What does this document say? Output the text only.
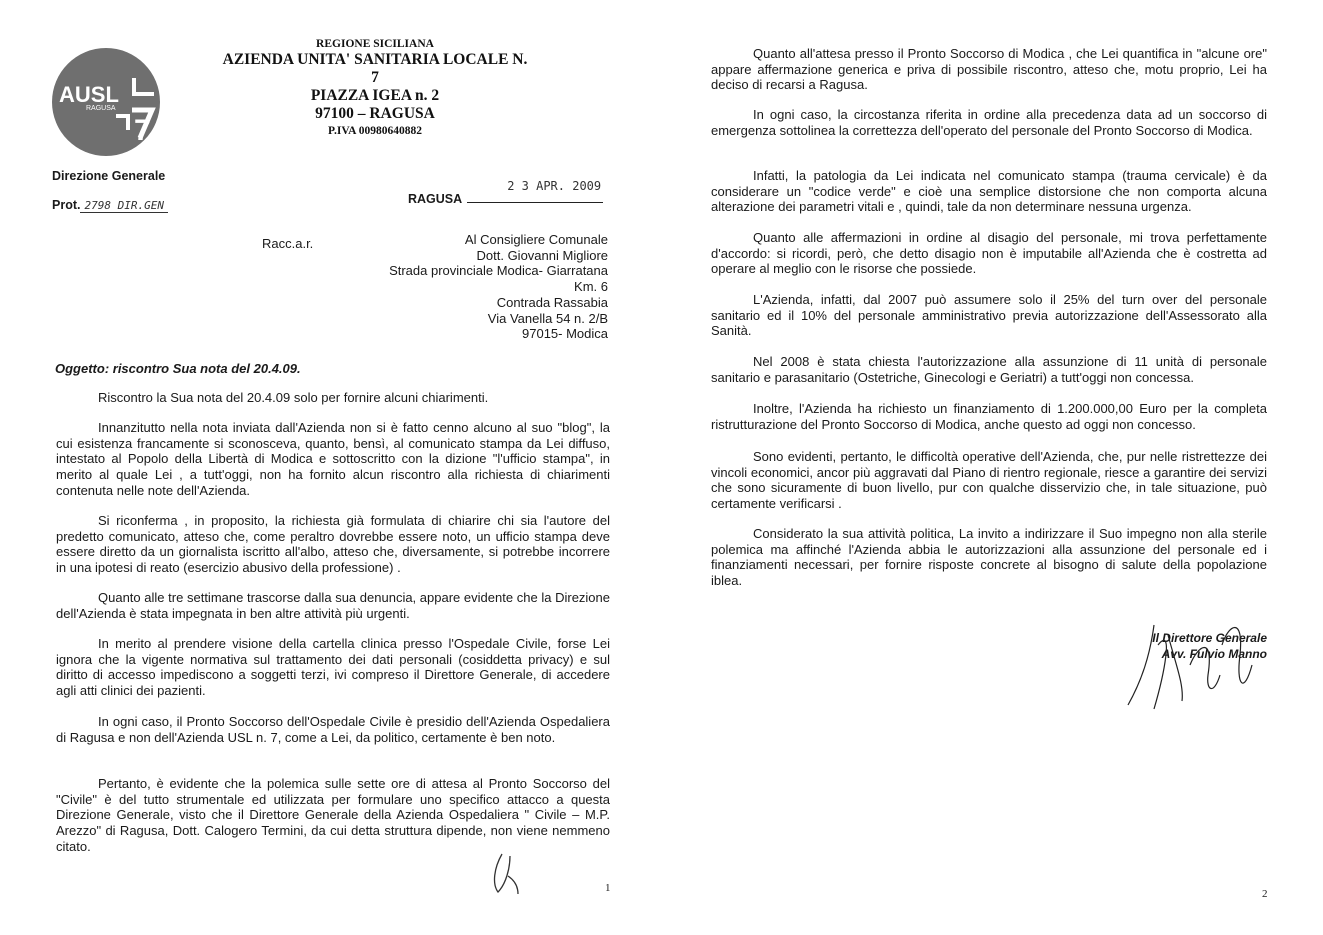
7
AUSL
RAGUSA
REGIONE SICILIANA
AZIENDA UNITA' SANITARIA LOCALE N. 7
PIAZZA IGEA n. 2
97100 – RAGUSA
P.IVA 00980640882
Direzione Generale
Prot. 2798 DIR.GEN	RAGUSA
2 3 APR. 2009
Racc.a.r.	Al Consigliere Comunale
Dott. Giovanni Migliore
Strada provinciale Modica- Giarratana
Km. 6
Contrada Rassabia
Via Vanella 54 n. 2/B
97015- Modica
Oggetto: riscontro Sua nota del 20.4.09.

Riscontro la Sua nota del 20.4.09 solo per fornire alcuni chiarimenti.

Innanzitutto nella nota inviata dall'Azienda non si è fatto cenno alcuno al suo "blog", la cui esistenza francamente si sconosceva, quanto, bensì, al comunicato stampa da Lei diffuso, intestato al Popolo della Libertà di Modica e sottoscritto con la dizione "l'ufficio stampa", in merito al quale Lei , a tutt'oggi, non ha fornito alcun riscontro alla richiesta di chiarimenti contenuta nelle note dell'Azienda.

Si riconferma , in proposito, la richiesta già formulata di chiarire chi sia l'autore del predetto comunicato, atteso che, come peraltro dovrebbe essere noto, un ufficio stampa deve essere diretto da un giornalista iscritto all'albo, atteso che, diversamente, si potrebbe incorrere in una ipotesi di reato (esercizio abusivo della professione) .

Quanto alle tre settimane trascorse dalla sua denuncia, appare evidente che la Direzione dell'Azienda è stata impegnata in ben altre attività più urgenti.

In merito al prendere visione della cartella clinica presso l'Ospedale Civile, forse Lei ignora che la vigente normativa sul trattamento dei dati personali (cosiddetta privacy) e sul diritto di accesso impediscono a soggetti terzi, ivi compreso il Direttore Generale, di accedere agli atti clinici dei pazienti.

In ogni caso, il Pronto Soccorso dell'Ospedale Civile è presidio dell'Azienda Ospedaliera di Ragusa e non dell'Azienda USL n. 7, come a Lei, da politico, certamente è ben noto.

Pertanto, è evidente che la polemica sulle sette ore di attesa al Pronto Soccorso del "Civile" è del tutto strumentale ed utilizzata per formulare uno specifico attacco a questa Direzione Generale, visto che il Direttore Generale della Azienda Ospedaliera " Civile – M.P. Arezzo" di Ragusa, Dott. Calogero Termini, da cui detta struttura dipende, non viene nemmeno citato.

1

Quanto all'attesa presso il Pronto Soccorso di Modica , che Lei quantifica in "alcune ore" appare affermazione generica e priva di possibile riscontro, atteso che, motu proprio, Lei ha deciso di recarsi a Ragusa.

In ogni caso, la circostanza riferita in ordine alla precedenza data ad un soccorso di emergenza sottolinea la correttezza dell'operato del personale del Pronto Soccorso di Modica.

Infatti, la patologia da Lei indicata nel comunicato stampa (trauma cervicale) è da considerare un "codice verde" e cioè una semplice distorsione che non comporta alcuna alterazione dei parametri vitali e , quindi, tale da non determinare nessuna urgenza.

Quanto alle affermazioni in ordine al disagio del personale, mi trova perfettamente d'accordo: si ricordi, però, che detto disagio non è imputabile all'Azienda che è costretta ad operare al meglio con le risorse che possiede.

L'Azienda, infatti, dal 2007 può assumere solo il 25% del turn over del personale sanitario ed il 10% del personale amministrativo previa autorizzazione dell'Assessorato alla Sanità.

Nel 2008 è stata chiesta l'autorizzazione alla assunzione di 11 unità di personale sanitario e parasanitario (Ostetriche, Ginecologi e Geriatri) a tutt'oggi non concessa.

Inoltre, l'Azienda ha richiesto un finanziamento di 1.200.000,00 Euro per la completa ristrutturazione del Pronto Soccorso di Modica, anche questo ad oggi non concesso.

Sono evidenti, pertanto, le difficoltà operative dell'Azienda, che, pur nelle ristrettezze dei vincoli economici, ancor più aggravati dal Piano di rientro regionale, riesce a garantire dei servizi che sono sicuramente di buon livello, pur con qualche disservizio che, in tale situazione, può certamente verificarsi .

Considerato la sua attività politica, La invito a indirizzare il Suo impegno non alla sterile polemica ma affinché l'Azienda abbia le autorizzazioni alla assunzione del personale ed i finanziamenti necessari, per fornire risposte concrete al bisogno di salute della popolazione iblea.

Il Direttore Generale
Avv. Fulvio Manno
2
